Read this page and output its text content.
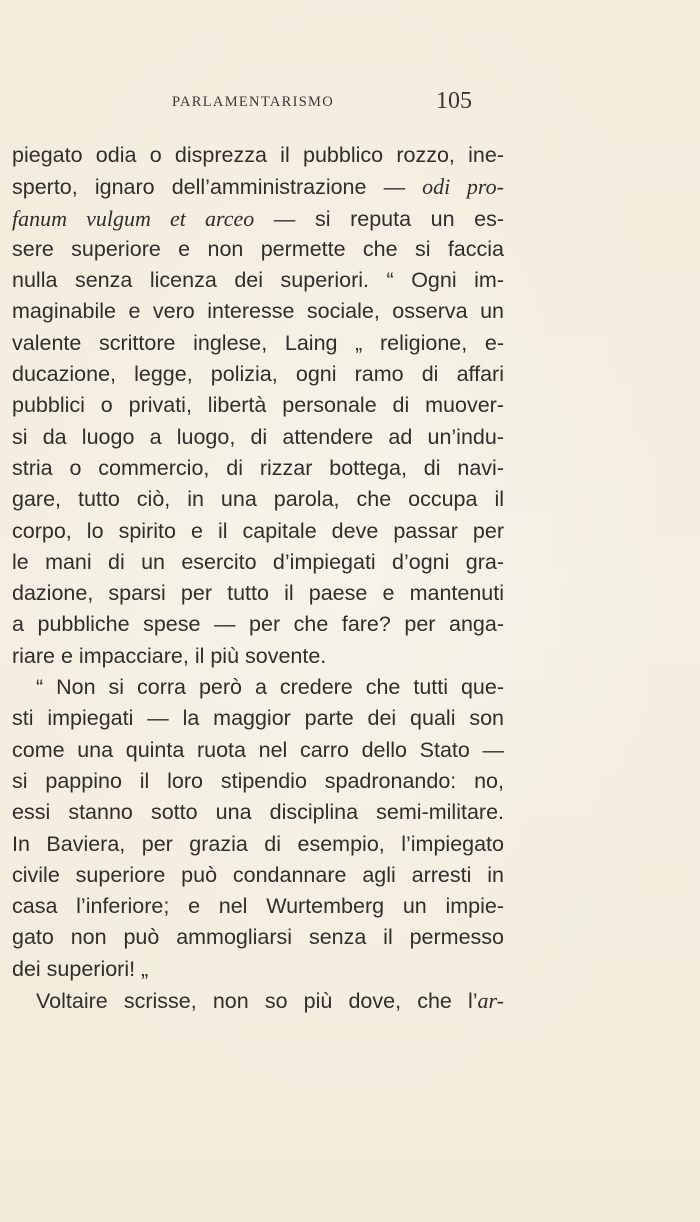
PARLAMENTARISMO	105
piegato odia o disprezza il pubblico rozzo, ine-
sperto, ignaro dell’amministrazione — odi pro-
fanum vulgum et arceo — si reputa un es-
sere superiore e non permette che si faccia
nulla senza licenza dei superiori. “ Ogni im-
maginabile e vero interesse sociale, osserva un
valente scrittore inglese, Laing „ religione, e-
ducazione, legge, polizia, ogni ramo di affari
pubblici o privati, libertà personale di muover-
si da luogo a luogo, di attendere ad un’indu-
stria o commercio, di rizzar bottega, di navi-
gare, tutto ciò, in una parola, che occupa il
corpo, lo spirito e il capitale deve passar per
le mani di un esercito d’impiegati d’ogni gra-
dazione, sparsi per tutto il paese e mantenuti
a pubbliche spese — per che fare? per anga-
riare e impacciare, il più sovente.
“ Non si corra però a credere che tutti que-
sti impiegati — la maggior parte dei quali son
come una quinta ruota nel carro dello Stato —
si pappino il loro stipendio spadronando: no,
essi stanno sotto una disciplina semi-militare.
In Baviera, per grazia di esempio, l’impiegato
civile superiore può condannare agli arresti in
casa l’inferiore; e nel Wurtemberg un impie-
gato non può ammogliarsi senza il permesso
dei superiori! „
Voltaire scrisse, non so più dove, che l’ar-
